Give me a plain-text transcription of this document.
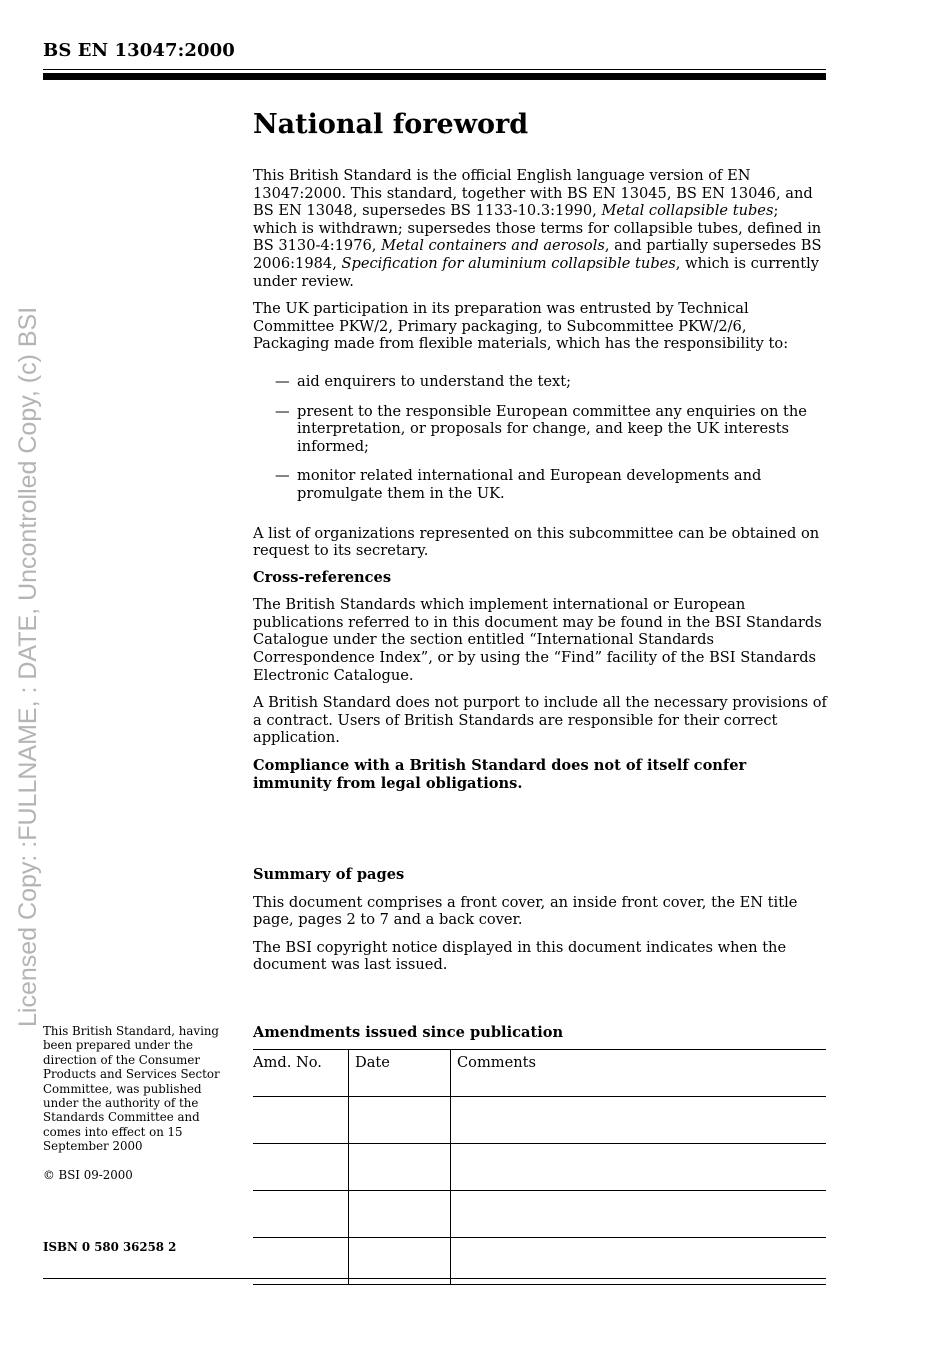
BS EN 13047:2000
Licensed Copy: :FULLNAME, : DATE, Uncontrolled Copy, (c) BSI
National foreword

This British Standard is the official English language version of EN 13047:2000. This standard, together with BS EN 13045, BS EN 13046, and BS EN 13048, supersedes BS 1133-10.3:1990, Metal collapsible tubes; which is withdrawn; supersedes those terms for collapsible tubes, defined in BS 3130-4:1976, Metal containers and aerosols, and partially supersedes BS 2006:1984, Specification for aluminium collapsible tubes, which is currently under review.

The UK participation in its preparation was entrusted by Technical Committee PKW/2, Primary packaging, to Subcommittee PKW/2/6, Packaging made from flexible materials, which has the responsibility to:

— aid enquirers to understand the text;
— present to the responsible European committee any enquiries on the interpretation, or proposals for change, and keep the UK interests informed;
— monitor related international and European developments and promulgate them in the UK.

A list of organizations represented on this subcommittee can be obtained on request to its secretary.

Cross-references

The British Standards which implement international or European publications referred to in this document may be found in the BSI Standards Catalogue under the section entitled “International Standards Correspondence Index”, or by using the “Find” facility of the BSI Standards Electronic Catalogue.

A British Standard does not purport to include all the necessary provisions of a contract. Users of British Standards are responsible for their correct application.

Compliance with a British Standard does not of itself confer immunity from legal obligations.

Summary of pages

This document comprises a front cover, an inside front cover, the EN title page, pages 2 to 7 and a back cover.

The BSI copyright notice displayed in this document indicates when the document was last issued.

Amendments issued since publication

Amd. No.	Date	Comments

This British Standard, having been prepared under the direction of the Consumer Products and Services Sector Committee, was published under the authority of the Standards Committee and comes into effect on 15 September 2000
© BSI 09-2000
ISBN 0 580 36258 2
